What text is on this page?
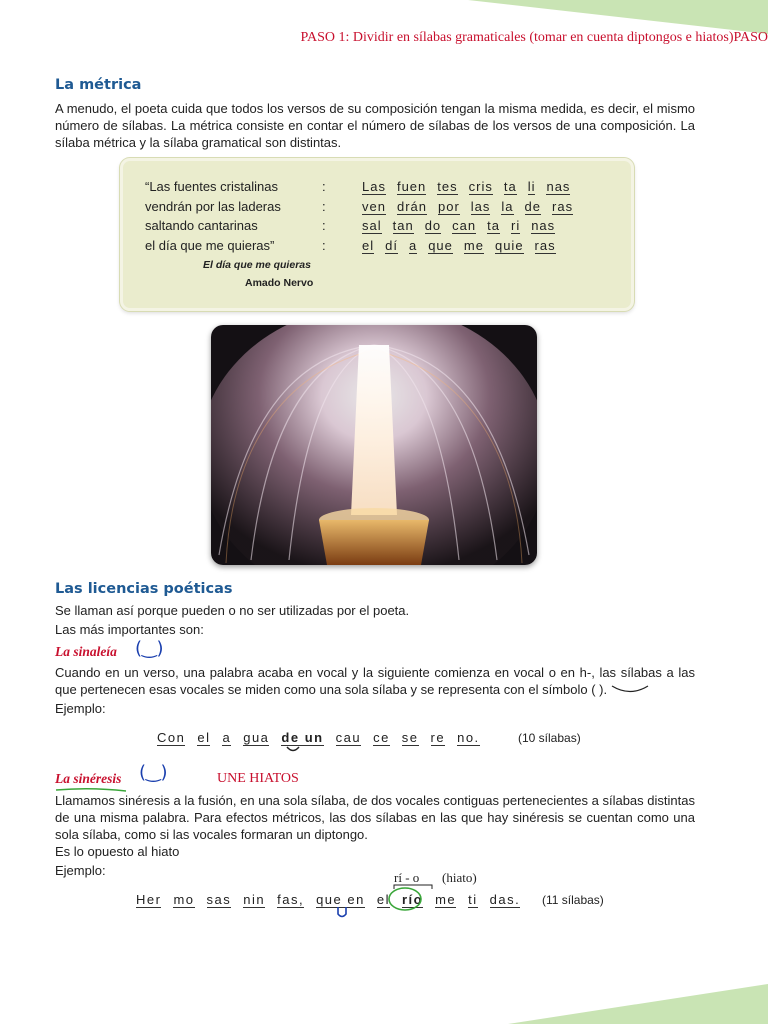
PASO 1: Dividir en sílabas gramaticales (tomar en cuenta diptongos e hiatos)PASO
La métrica

A menudo, el poeta cuida que todos los versos de su composición tengan la misma medida, es decir, el mismo número de sílabas. La métrica consiste en contar el número de sílabas de los versos de una composición. La sílaba métrica y la sílaba gramatical son distintas.

“Las fuentes cristalinas	:	Las fuen tes cris ta li nas
vendrán por las laderas	:	ven drán por las la de ras
saltando cantarinas	:	sal tan do can ta ri nas
el día que me quieras”	:	el dí a que me quie ras
El día que me quieras
Amado Nervo
Las licencias poéticas
Se llaman así porque pueden o no ser utilizadas por el poeta.
Las más importantes son:
La sinaleía (‿)

Cuando en un verso, una palabra acaba en vocal y la siguiente comienza en vocal o en h-, las sílabas a las que pertenecen esas vocales se miden como una sola sílaba y se representa con el símbolo ( ).

Ejemplo:
Con el a gua de un cau ce se re no.	(10 sílabas)
La sinéresis (‿)	UNE HIATOS

Llamamos sinéresis a la fusión, en una sola sílaba, de dos vocales contiguas pertenecientes a sílabas distintas de una misma palabra. Para efectos métricos, las dos sílabas en las que hay sinéresis se cuentan como una sola sílaba, como si las vocales formaran un diptongo.

Es lo opuesto al hiato
Ejemplo:	rí - o (hiato)
Her mo sas nin fas, que en el río me ti das.	(11 sílabas)
